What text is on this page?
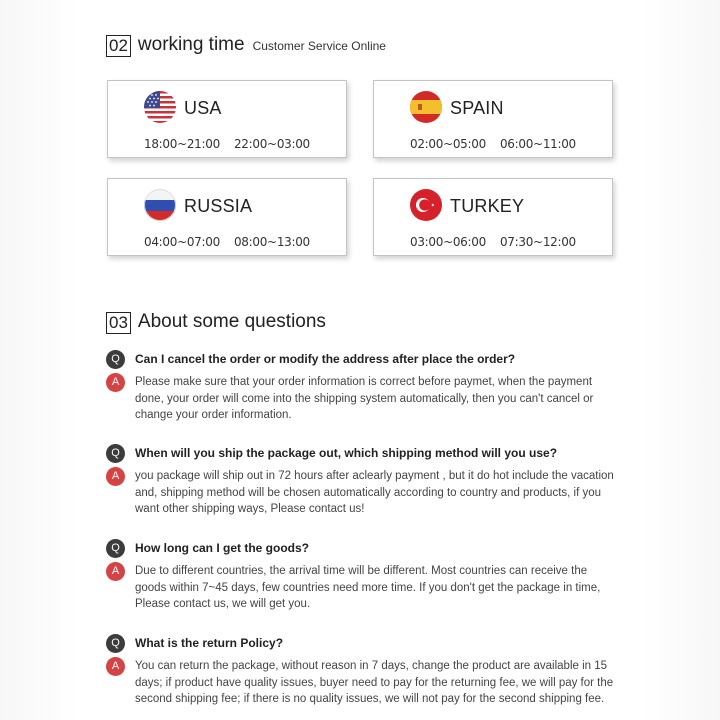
02 working time Customer Service Online
USA
18:00~21:00    22:00~03:00
SPAIN
02:00~05:00    06:00~11:00
RUSSIA
04:00~07:00    08:00~13:00
TURKEY
03:00~06:00    07:30~12:00
03 About some questions
Q	Can I cancel the order or modify the address after place the order?
A	Please make sure that your order information is correct before paymet, when the payment done, your order will come into the shipping system automatically, then you can't cancel or change your order information.
Q	When will you ship the package out, which shipping method will you use?
A	you package will ship out in 72 hours after aclearly payment , but it do hot include the vacation and, shipping method will be chosen automatically according to country and products, if you want other shipping ways, Please contact us!
Q	How long can I get the goods?
A	Due to different countries, the arrival time will be different. Most countries can receive the goods within 7~45 days, few countries need more time. If you don't get the package in time, Please contact us, we will get you.
Q	What is the return Policy?
A	You can return the package, without reason in 7 days, change the product are available in 15 days; if product have quality issues, buyer need to pay for the returning fee, we will pay for the second shipping fee; if there is no quality issues, we will not pay for the second shipping fee.
